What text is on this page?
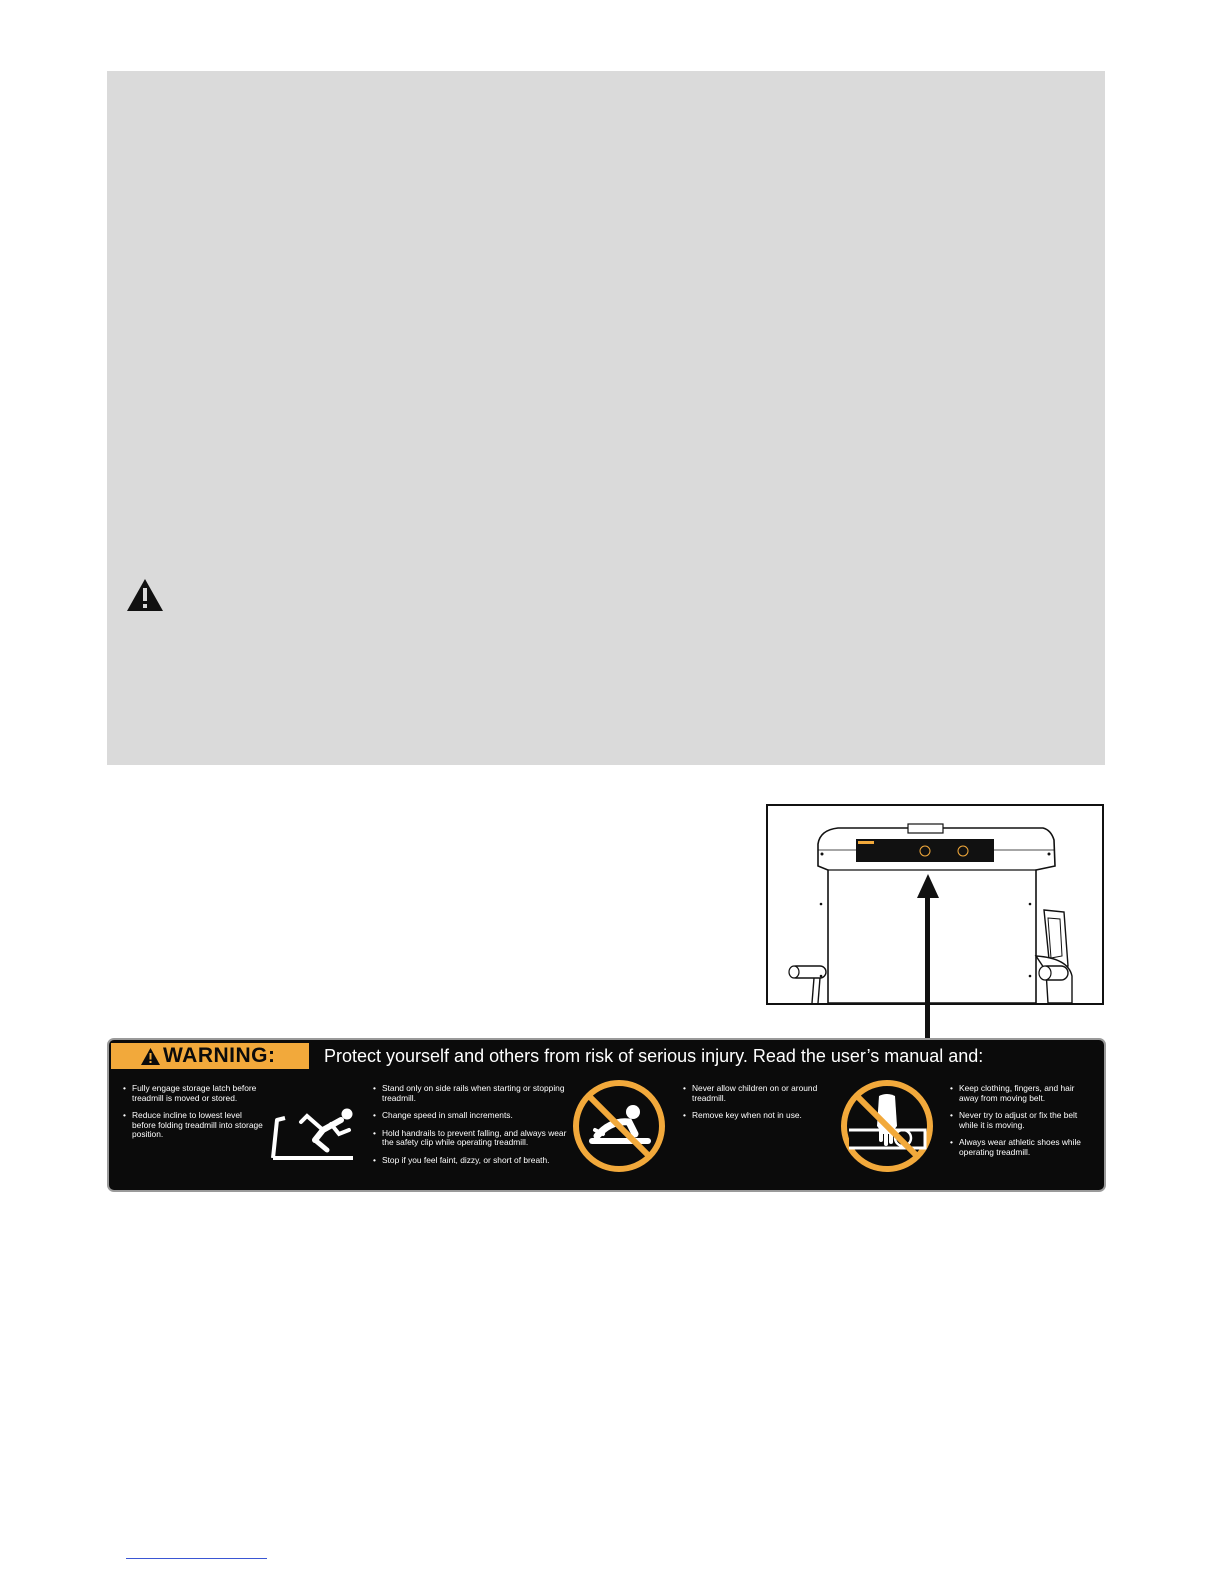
WARNING:	Protect yourself and others from risk of serious injury. Read the user’s manual and:
• Fully engage storage latch before treadmill is moved or stored.
• Reduce incline to lowest level before folding treadmill into storage position.
• Stand only on side rails when starting or stopping treadmill.
• Change speed in small increments.
• Hold handrails to prevent falling, and always wear the safety clip while operating treadmill.
• Stop if you feel faint, dizzy, or short of breath.
• Never allow children on or around treadmill.
• Remove key when not in use.
• Keep clothing, fingers, and hair away from moving belt.
• Never try to adjust or fix the belt while it is moving.
• Always wear athletic shoes while operating treadmill.
